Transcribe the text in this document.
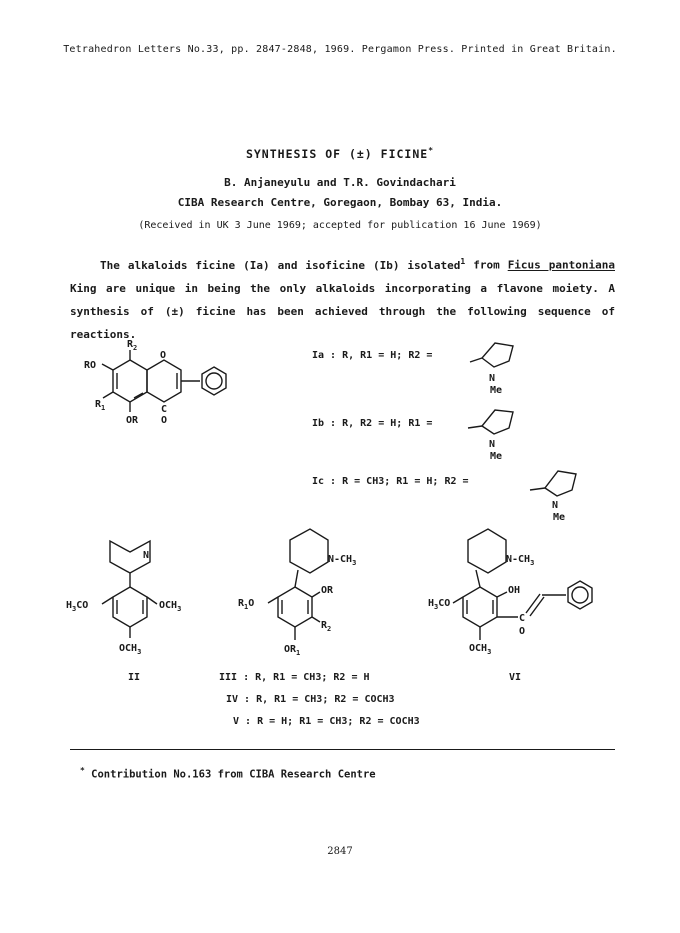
Tetrahedron Letters No.33, pp. 2847-2848, 1969. Pergamon Press. Printed in Great Britain.
SYNTHESIS OF (±) FICINE*
B. Anjaneyulu and T.R. Govindachari
CIBA Research Centre, Goregaon, Bombay 63, India.
(Received in UK 3 June 1969; accepted for publication 16 June 1969)

The alkaloids ficine (Ia) and isoficine (Ib) isolated$^1$ from Ficus pantoniana King are unique in being the only alkaloids incorporating a flavone moiety. A synthesis of (±) ficine has been achieved through the following sequence of reactions.

$R_2$
RO
$R_1$
OR
O
C
O
Ia : R, R1 = H; R2 =
N
Me
Ib : R, R2 = H; R1 =
N
Me
Ic : R = CH3; R1 = H; R2 =
N
Me
N
$H_3CO$	$OCH_3$
$OCH_3$
$N-CH_3$
$R_1O$
OR
$R_2$
$OR_1$
$N-CH_3$
$H_3CO$
OH
C
O
$OCH_3$
II	VI
III : R, R1 = CH3; R2 = H
IV : R, R1 = CH3; R2 = COCH3
V : R = H; R1 = CH3; R2 = COCH3
* Contribution No.163 from CIBA Research Centre
2847
